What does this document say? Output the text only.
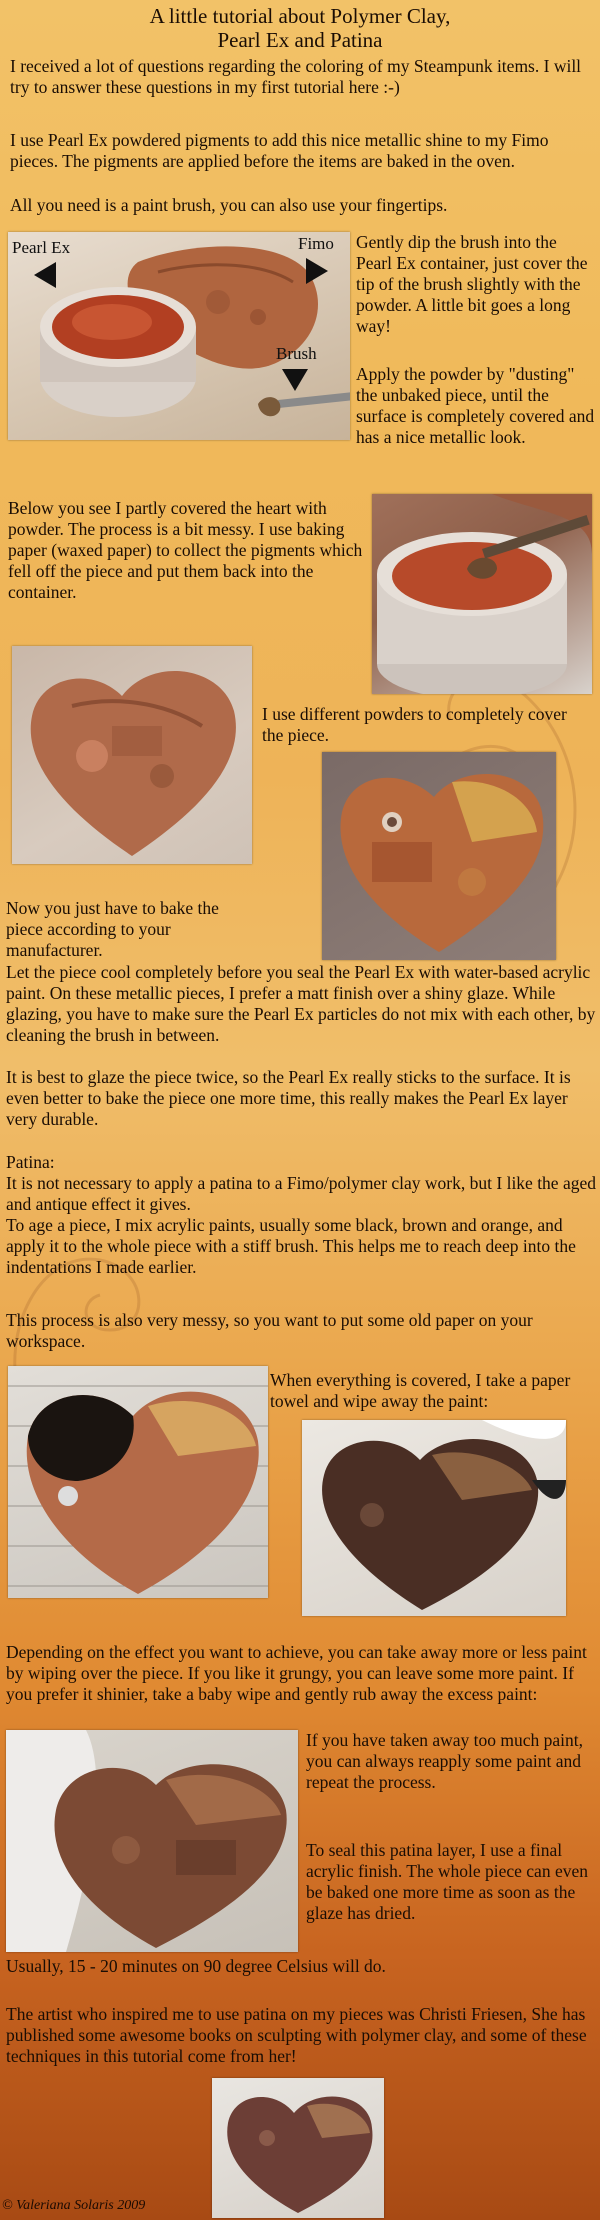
A little tutorial about Polymer Clay,
Pearl Ex and Patina

I received a lot of questions regarding the coloring of my Steampunk items. I will try to answer these questions in my first tutorial here :-)

I use Pearl Ex powdered pigments to add this nice metallic shine to my Fimo pieces. The pigments are applied before the items are baked in the oven.

All you need is a paint brush, you can also use your fingertips.

Pearl Ex	Fimo
Brush

Gently dip the brush into the Pearl Ex container, just cover the tip of the brush slightly with the powder. A little bit goes a long way!

Apply the powder by "dusting" the unbaked piece, until the surface is completely covered and has a nice metallic look.

Below you see I partly covered the heart with powder. The process is a bit messy. I use baking paper (waxed paper) to collect the pigments which fell off the piece and put them back into the container.

I use different powders to completely cover the piece.

Now you just have to bake the piece according to your manufacturer.

Let the piece cool completely before you seal the Pearl Ex with water-based acrylic paint. On these metallic pieces, I prefer a matt finish over a shiny glaze. While glazing, you have to make sure the Pearl Ex particles do not mix with each other, by cleaning the brush in between.

It is best to glaze the piece twice, so the Pearl Ex really sticks to the surface. It is even better to bake the piece one more time, this really makes the Pearl Ex layer very durable.

Patina:

It is not necessary to apply a patina to a Fimo/polymer clay work, but I like the aged and antique effect it gives.

To age a piece, I mix acrylic paints, usually some black, brown and orange, and apply it to the whole piece with a stiff brush. This helps me to reach deep into the indentations I made earlier.

This process is also very messy, so you want to put some old paper on your workspace.

When everything is covered, I take a paper towel and wipe away the paint:

Depending on the effect you want to achieve, you can take away more or less paint by wiping over the piece. If you like it grungy, you can leave some more paint. If you prefer it shinier, take a baby wipe and gently rub away the excess paint:

If you have taken away too much paint, you can always reapply some paint and repeat the process.

To seal this patina layer, I use a final acrylic finish. The whole piece can even be baked one more time as soon as the glaze has dried.

Usually, 15 - 20 minutes on 90 degree Celsius will do.

The artist who inspired me to use patina on my pieces was Christi Friesen, She has published some awesome books on sculpting with polymer clay, and some of these techniques in this tutorial come from her!

© Valeriana Solaris 2009
